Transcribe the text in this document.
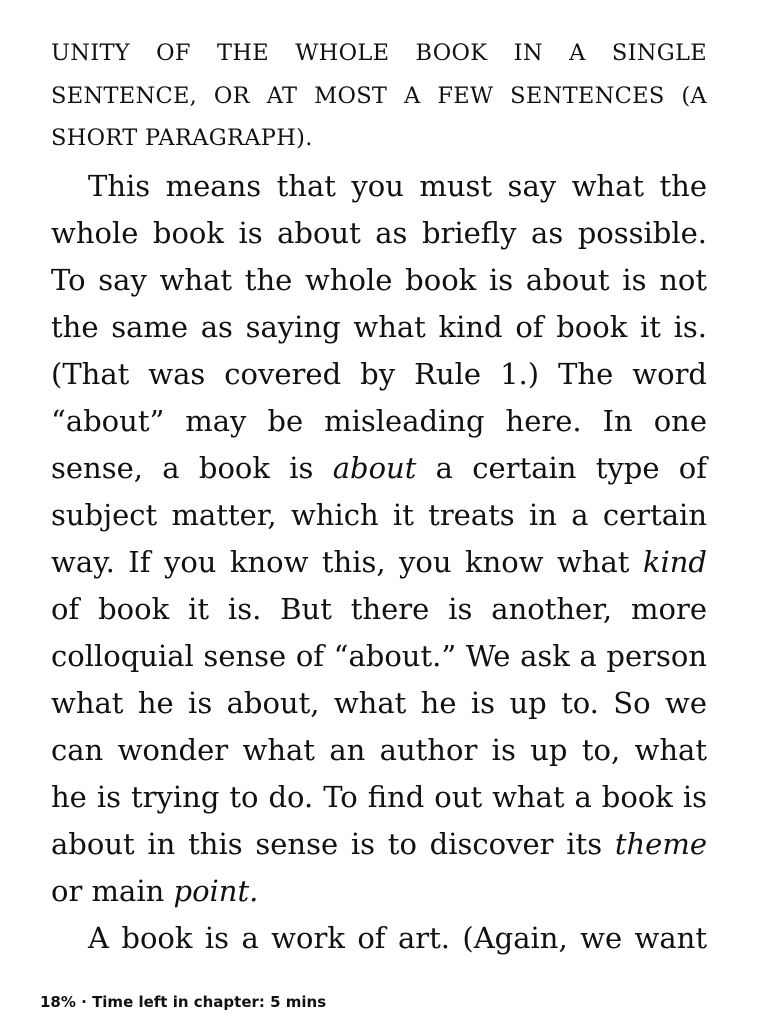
UNITY OF THE WHOLE BOOK IN A SINGLE
SENTENCE, OR AT MOST A FEW SENTENCES (A
SHORT PARAGRAPH).
This means that you must say what the
whole book is about as briefly as possible.
To say what the whole book is about is not
the same as saying what kind of book it is.
(That was covered by Rule 1.) The word
“about” may be misleading here. In one
sense, a book is about a certain type of
subject matter, which it treats in a certain
way. If you know this, you know what kind
of book it is. But there is another, more
colloquial sense of “about.” We ask a person
what he is about, what he is up to. So we
can wonder what an author is up to, what
he is trying to do. To find out what a book is
about in this sense is to discover its theme
or main point.
A book is a work of art. (Again, we want
18% · Time left in chapter: 5 mins
